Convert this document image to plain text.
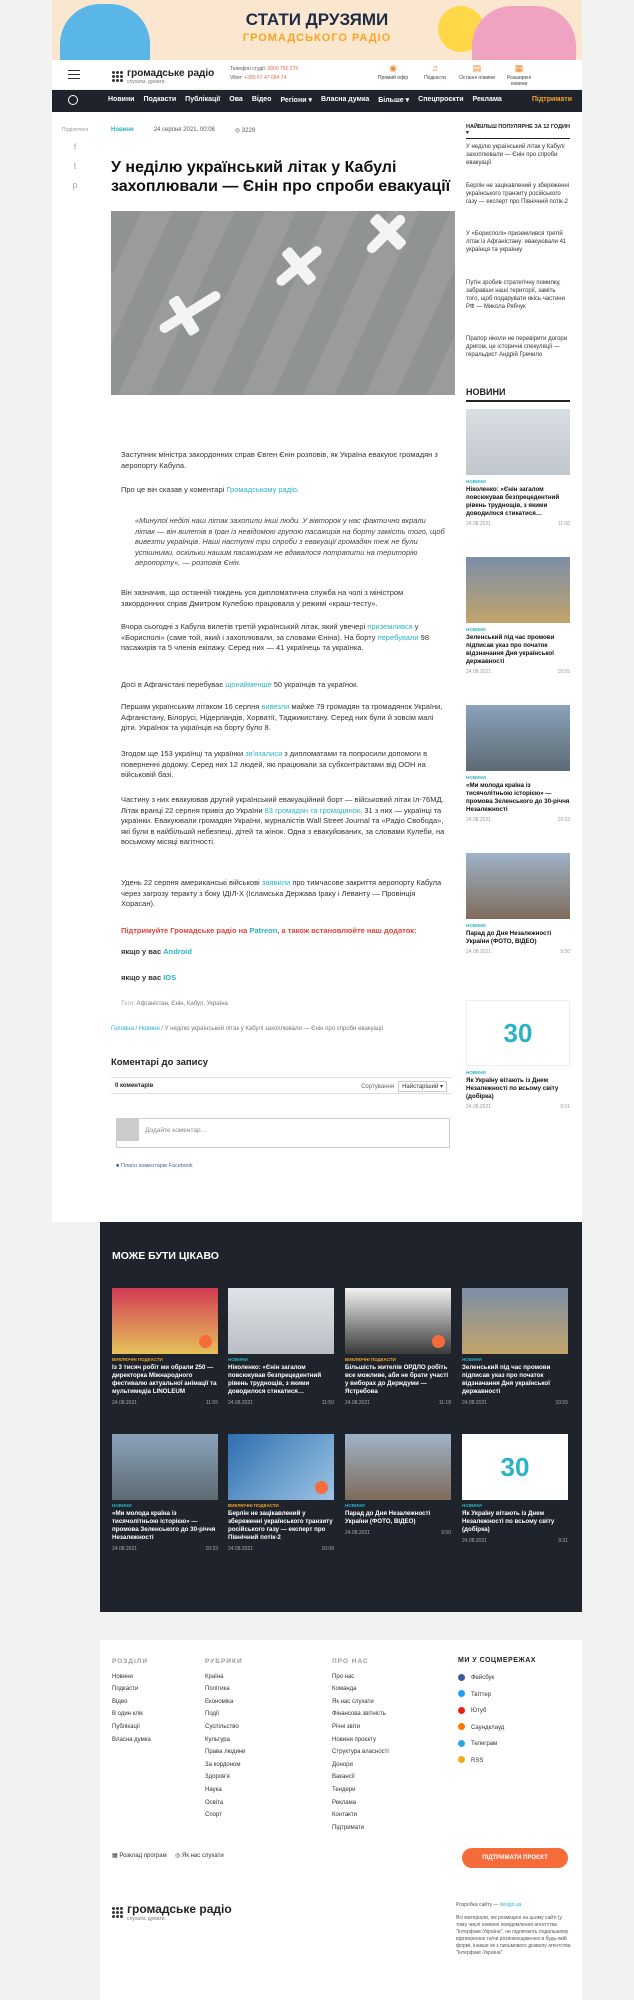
СТАТИ ДРУЗЯМИ
ГРОМАДСЬКОГО РАДІО
громадське радіо
слухати. думати.
Телефон студії: 0800 750 275
Viber: +380 67 47 684 74
◉
Прямий ефір
♫
Подкасти
▤
Останні новини
▦
Розширені новини
Новини Подкасти Публікації Ова Відео Регіони ▾ Власна думка Більше ▾ Спецпроєкти Реклама	Підтримати
Поділитися
f
t
p
Новини	24 серпня 2021, 00:08	◎ 3229
У неділю український літак у Кабулі захоплювали — Єнін про спроби евакуації

Заступник міністра закордонних справ Євген Єнін розповів, як Україна евакуює громадян з аеропорту Кабула.

Про це він сказав у коментарі Громадському радіо.

«Минулої неділі наш літак захопили інші люди. У вівторок у нас фактично вкрали літак — він вилетів в Іран із невідомою групою пасажирів на борту замість того, щоб вивезти українців. Наші наступні три спроби з евакуації громадян теж не були успішними, оскільки нашим пасажирам не вдавалося потрапити на територію аеропорту», — розповів Єнін.

Він зазначив, що останній тиждень уся дипломатична служба на чолі з міністром закордонних справ Дмитром Кулебою працювала у режимі «краш-тесту».

Вчора сьогодні з Кабула вилетів третій український літак, який увечері приземлився у «Борисполі» (саме той, який і захоплювали, за словами Єніна). На борту перебували 98 пасажирів та 5 членів екіпажу. Серед них — 41 українець та українка.

Досі в Афганістані перебуває щонайменше 50 українців та українок.

Першим українським літаком 16 серпня вивезли майже 79 громадян та громадянок України, Афганістану, Білорусі, Нідерландів, Хорватії, Таджикистану. Серед них були й зовсім малі діти. Українок та українців на борту було 8.

Згодом ще 153 українці та українки зв'язалися з дипломатами та попросили допомоги в поверненні додому. Серед них 12 людей, які працювали за субконтрактами від ООН на військовій базі.

Частину з них евакуював другий український евакуаційний борт — військовий літак Іл-76МД. Літак вранці 22 серпня привіз до України 83 громадян та громадянок. 31 з них — українці та українки. Евакуювали громадян України, журналістів Wall Street Journal та «Радіо Свобода», які були в найбільшій небезпеці, дітей та жінок. Одна з евакуйованих, за словами Кулеби, на восьмому місяці вагітності.

Удень 22 серпня американські військові заявили про тимчасове закриття аеропорту Кабула через загрозу теракту з боку ІДІЛ-Х (Ісламська Держава Іраку і Леванту — Провінція Хорасан).

Підтримуйте Громадське радіо на Patreon, а також встановлюйте наш додаток:

якщо у вас Android
якщо у вас IOS
Теги: Афганістан, Єнін, Кабул, Україна
Головна / Новини / У неділю український літак у Кабулі захоплювали — Єнін про спроби евакуації
Коментарі до запису
0 коментарів	Сортування	Найстаріший ▾
Додайте коментар…
■ Плагін коментарів Facebook
НАЙБІЛЬШ ПОПУЛЯРНЕ ЗА 12 ГОДИН ▾
У неділю український літак у Кабулі захоплювали — Єнін про спроби евакуації
Берлін не зацікавлений у збереженні українського транзиту російського газу — експерт про Північний потік-2
У «Борисполі» приземлився третій літак із Афганістану: евакуювали 41 українця та українку
Путін зробив стратегічну помилку, забравши наші території, заміть того, щоб подарувати якісь частини РФ — Микола Рябчук
Прапор ніколи не перевірити догори дригом, це історичні спекуляції — геральдист Андрій Гречило
НОВИНИ
НОВИНИ
Ніколенко: «Єнін загалом повсюкував безпрецедентний рівень труднощів, з якими доводилося стикатися…
24.08.2021	11:50
НОВИНИ
Зеленський під час промови підписав указ про початок відзначання Дня української державності
24.08.2021	10:55
НОВИНИ
«Ми молода країна із тисячолітньою історією» — промова Зеленського до 30-річчя Незалежності
24.08.2021	10:23
НОВИНИ
Парад до Дня Незалежності України (ФОТО, ВІДЕО)
24.08.2021	9:50
30
НОВИНИ
Як Україну вітають із Днем Незалежності по всьому світу (добірка)
24.08.2021	9:31
МОЖЕ БУТИ ЦІКАВО
ВИКЛЮЧНІ ПОДКАСТИ
Із 3 тисяч робіт ми обрали 250 — директорка Міжнародного фестивалю актуальної анімації та мультимедіа LINOLEUM
24.08.2021	11:55
НОВИНИ
Ніколенко: «Єнін загалом повсюкував безпрецедентний рівень труднощів, з якими доводилося стикатися…
24.08.2021	11:50
ВИКЛЮЧНІ ПОДКАСТИ
Більшість жителів ОРДЛО робіть все можливе, аби не брати участі у виборах до Держдуми — Ястребова
24.08.2021	11:18
НОВИНИ
Зеленський під час промови підписав указ про початок відзначання Дня української державності
24.08.2021	10:55
НОВИНИ
«Ми молода країна із тисячолітньою історією» — промова Зеленського до 30-річчя Незалежності
24.08.2021	10:23
ВИКЛЮЧНІ ПОДКАСТИ
Берлін не зацікавлений у збереженні українського транзиту російського газу — експерт про Північний потік-2
24.08.2021	10:08
НОВИНИ
Парад до Дня Незалежності України (ФОТО, ВІДЕО)
24.08.2021	9:50
30
НОВИНИ
Як Україну вітають із Днем Незалежності по всьому світу (добірка)
24.08.2021	9:31
РОЗДІЛИ
Новини
Подкасти
Відео
В один клік
Публікації
Власна думка
РУБРИКИ
Країна
Політика
Економіка
Події
Суспільство
Культура
Права людини
За кордоном
Здоров'я
Наука
Освіта
Спорт
ПРО НАС
Про нас
Команда
Як нас слухати
Фінансова звітність
Річні звіти
Новини проєкту
Структура власності
Донори
Вакансії
Тендери
Реклама
Контакти
Підтримати
МИ У СОЦМЕРЕЖАХ
Фейсбук
Твіттер
Ютуб
Саундклауд
Телеграм
RSS
▦ Розклад програм ◎ Як нас слухати	ПІДТРИМАТИ ПРОЄКТ
громадське радіо
слухати. думати.
Розробка сайту — design.ua
Всі матеріали, які розміщені на цьому сайті (у тому числі новинні повідомлення агентства "Інтерфакс-Україна", не підлягають подальшому відтворенню та/чи розповсюдженню в будь-якій формі, інакше як з письмового дозволу агентства "Інтерфакс-Україна"
